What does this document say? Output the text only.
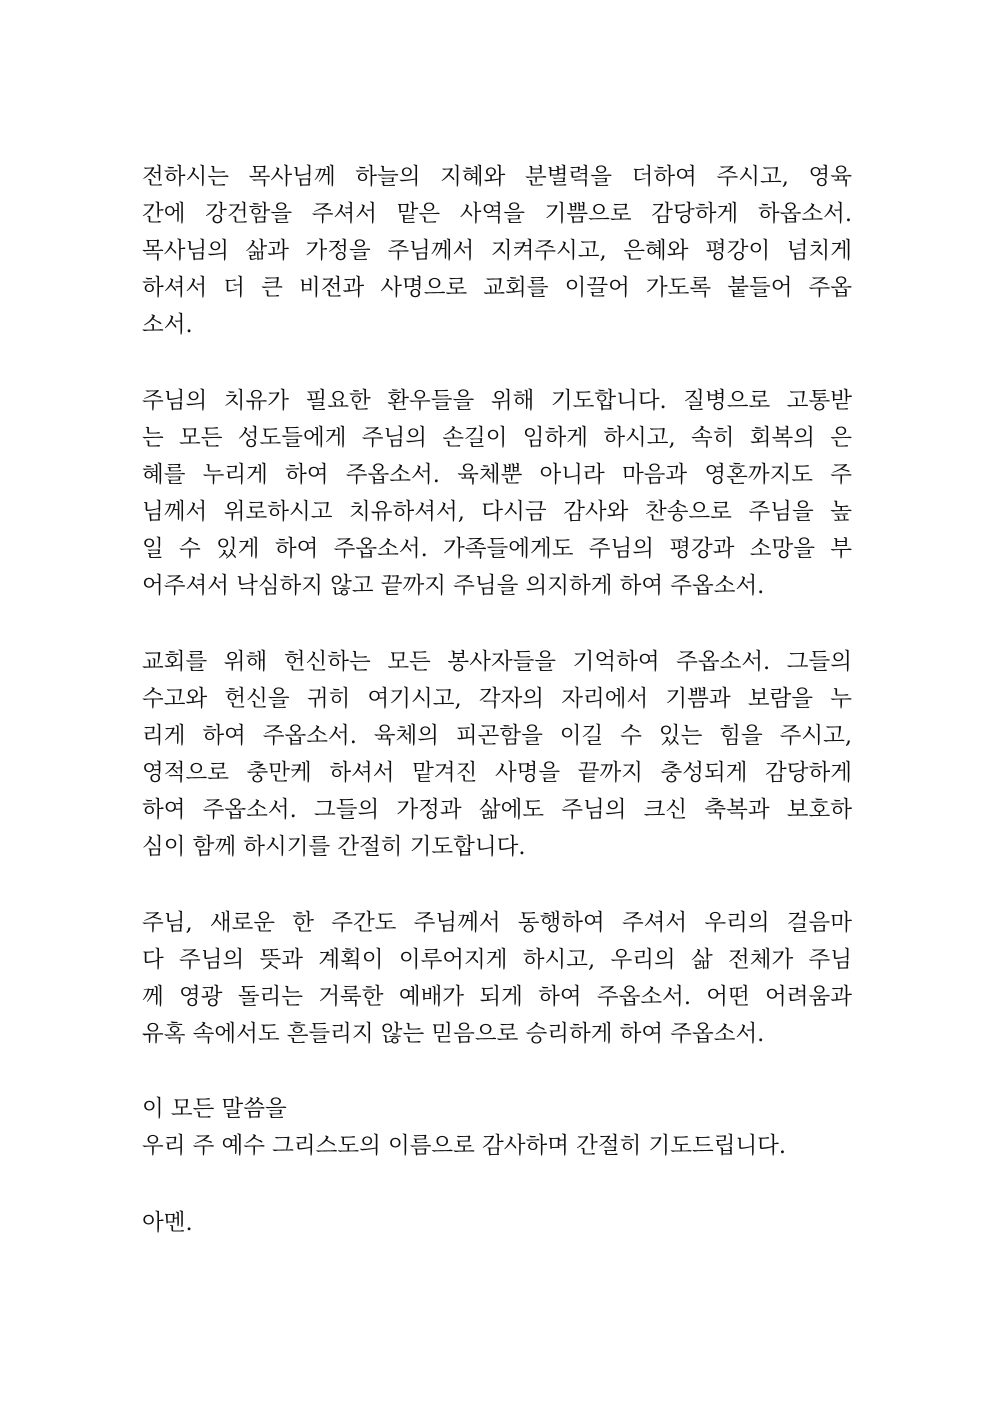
전하시는 목사님께 하늘의 지혜와 분별력을 더하여 주시고, 영육
간에 강건함을 주셔서 맡은 사역을 기쁨으로 감당하게 하옵소서.
목사님의 삶과 가정을 주님께서 지켜주시고, 은혜와 평강이 넘치게
하셔서 더 큰 비전과 사명으로 교회를 이끌어 가도록 붙들어 주옵
소서.
주님의 치유가 필요한 환우들을 위해 기도합니다. 질병으로 고통받
는 모든 성도들에게 주님의 손길이 임하게 하시고, 속히 회복의 은
혜를 누리게 하여 주옵소서. 육체뿐 아니라 마음과 영혼까지도 주
님께서 위로하시고 치유하셔서, 다시금 감사와 찬송으로 주님을 높
일 수 있게 하여 주옵소서. 가족들에게도 주님의 평강과 소망을 부
어주셔서 낙심하지 않고 끝까지 주님을 의지하게 하여 주옵소서.
교회를 위해 헌신하는 모든 봉사자들을 기억하여 주옵소서. 그들의
수고와 헌신을 귀히 여기시고, 각자의 자리에서 기쁨과 보람을 누
리게 하여 주옵소서. 육체의 피곤함을 이길 수 있는 힘을 주시고,
영적으로 충만케 하셔서 맡겨진 사명을 끝까지 충성되게 감당하게
하여 주옵소서. 그들의 가정과 삶에도 주님의 크신 축복과 보호하
심이 함께 하시기를 간절히 기도합니다.
주님, 새로운 한 주간도 주님께서 동행하여 주셔서 우리의 걸음마
다 주님의 뜻과 계획이 이루어지게 하시고, 우리의 삶 전체가 주님
께 영광 돌리는 거룩한 예배가 되게 하여 주옵소서. 어떤 어려움과
유혹 속에서도 흔들리지 않는 믿음으로 승리하게 하여 주옵소서.
이 모든 말씀을
우리 주 예수 그리스도의 이름으로 감사하며 간절히 기도드립니다.
아멘.
